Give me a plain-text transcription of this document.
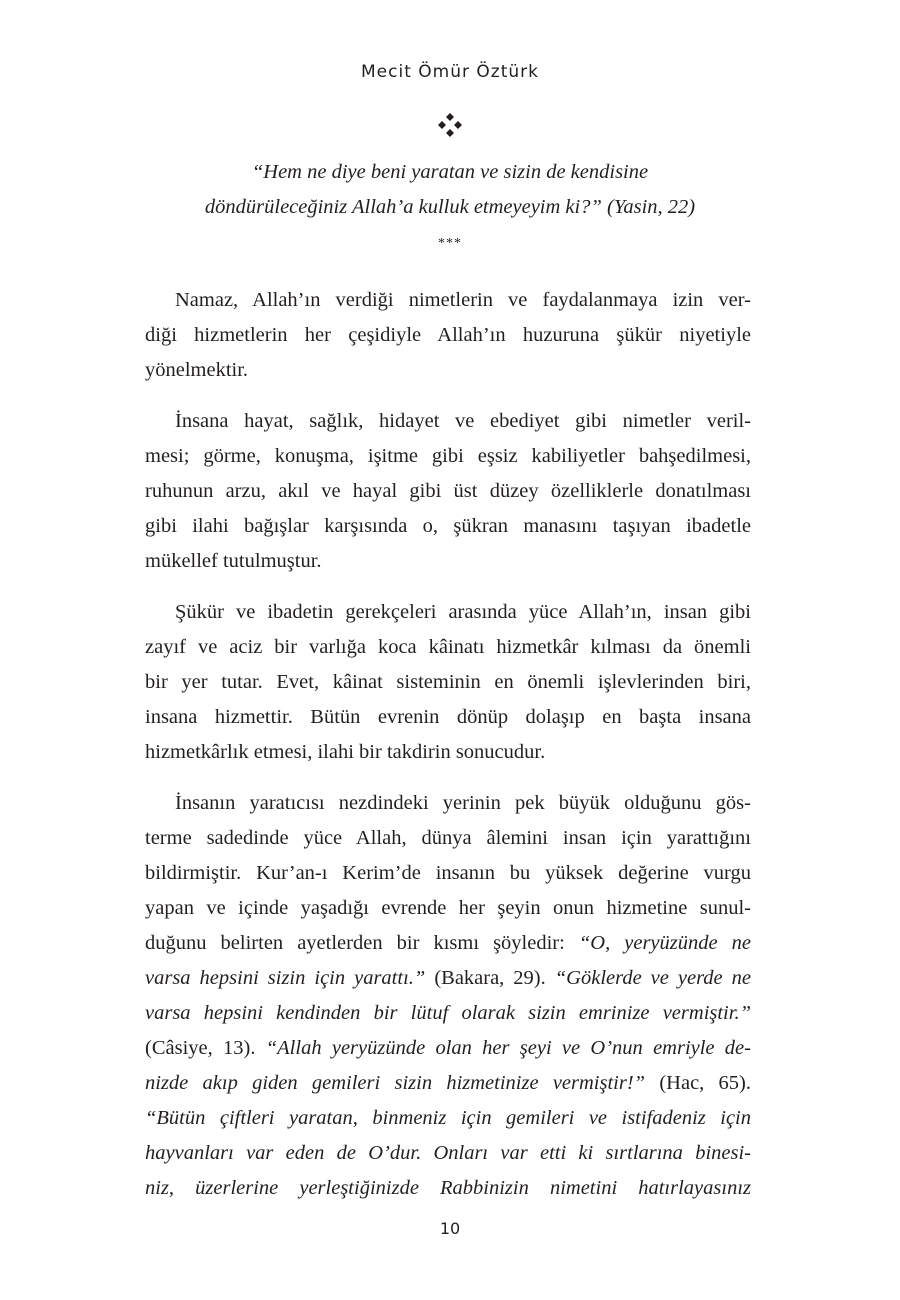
Mecit Ömür Öztürk
“Hem ne diye beni yaratan ve sizin de kendisine
döndürüleceğiniz Allah’a kulluk etmeyeyim ki?” (Yasin, 22)
***
Namaz, Allah’ın verdiği nimetlerin ve faydalanmaya izin ver-
diği hizmetlerin her çeşidiyle Allah’ın huzuruna şükür niyetiyle
yönelmektir.
İnsana hayat, sağlık, hidayet ve ebediyet gibi nimetler veril-
mesi; görme, konuşma, işitme gibi eşsiz kabiliyetler bahşedilmesi,
ruhunun arzu, akıl ve hayal gibi üst düzey özelliklerle donatılması
gibi ilahi bağışlar karşısında o, şükran manasını taşıyan ibadetle
mükellef tutulmuştur.
Şükür ve ibadetin gerekçeleri arasında yüce Allah’ın, insan gibi
zayıf ve aciz bir varlığa koca kâinatı hizmetkâr kılması da önemli
bir yer tutar. Evet, kâinat sisteminin en önemli işlevlerinden biri,
insana hizmettir. Bütün evrenin dönüp dolaşıp en başta insana
hizmetkârlık etmesi, ilahi bir takdirin sonucudur.
İnsanın yaratıcısı nezdindeki yerinin pek büyük olduğunu gös-
terme sadedinde yüce Allah, dünya âlemini insan için yarattığını
bildirmiştir. Kur’an-ı Kerim’de insanın bu yüksek değerine vurgu
yapan ve içinde yaşadığı evrende her şeyin onun hizmetine sunul-
duğunu belirten ayetlerden bir kısmı şöyledir: “O, yeryüzünde ne
varsa hepsini sizin için yarattı.” (Bakara, 29). “Göklerde ve yerde ne
varsa hepsini kendinden bir lütuf olarak sizin emrinize vermiştir.”
(Câsiye, 13). “Allah yeryüzünde olan her şeyi ve O’nun emriyle de-
nizde akıp giden gemileri sizin hizmetinize vermiştir!” (Hac, 65).
“Bütün çiftleri yaratan, binmeniz için gemileri ve istifadeniz için
hayvanları var eden de O’dur. Onları var etti ki sırtlarına binesi-
niz, üzerlerine yerleştiğinizde Rabbinizin nimetini hatırlayasınız
10
